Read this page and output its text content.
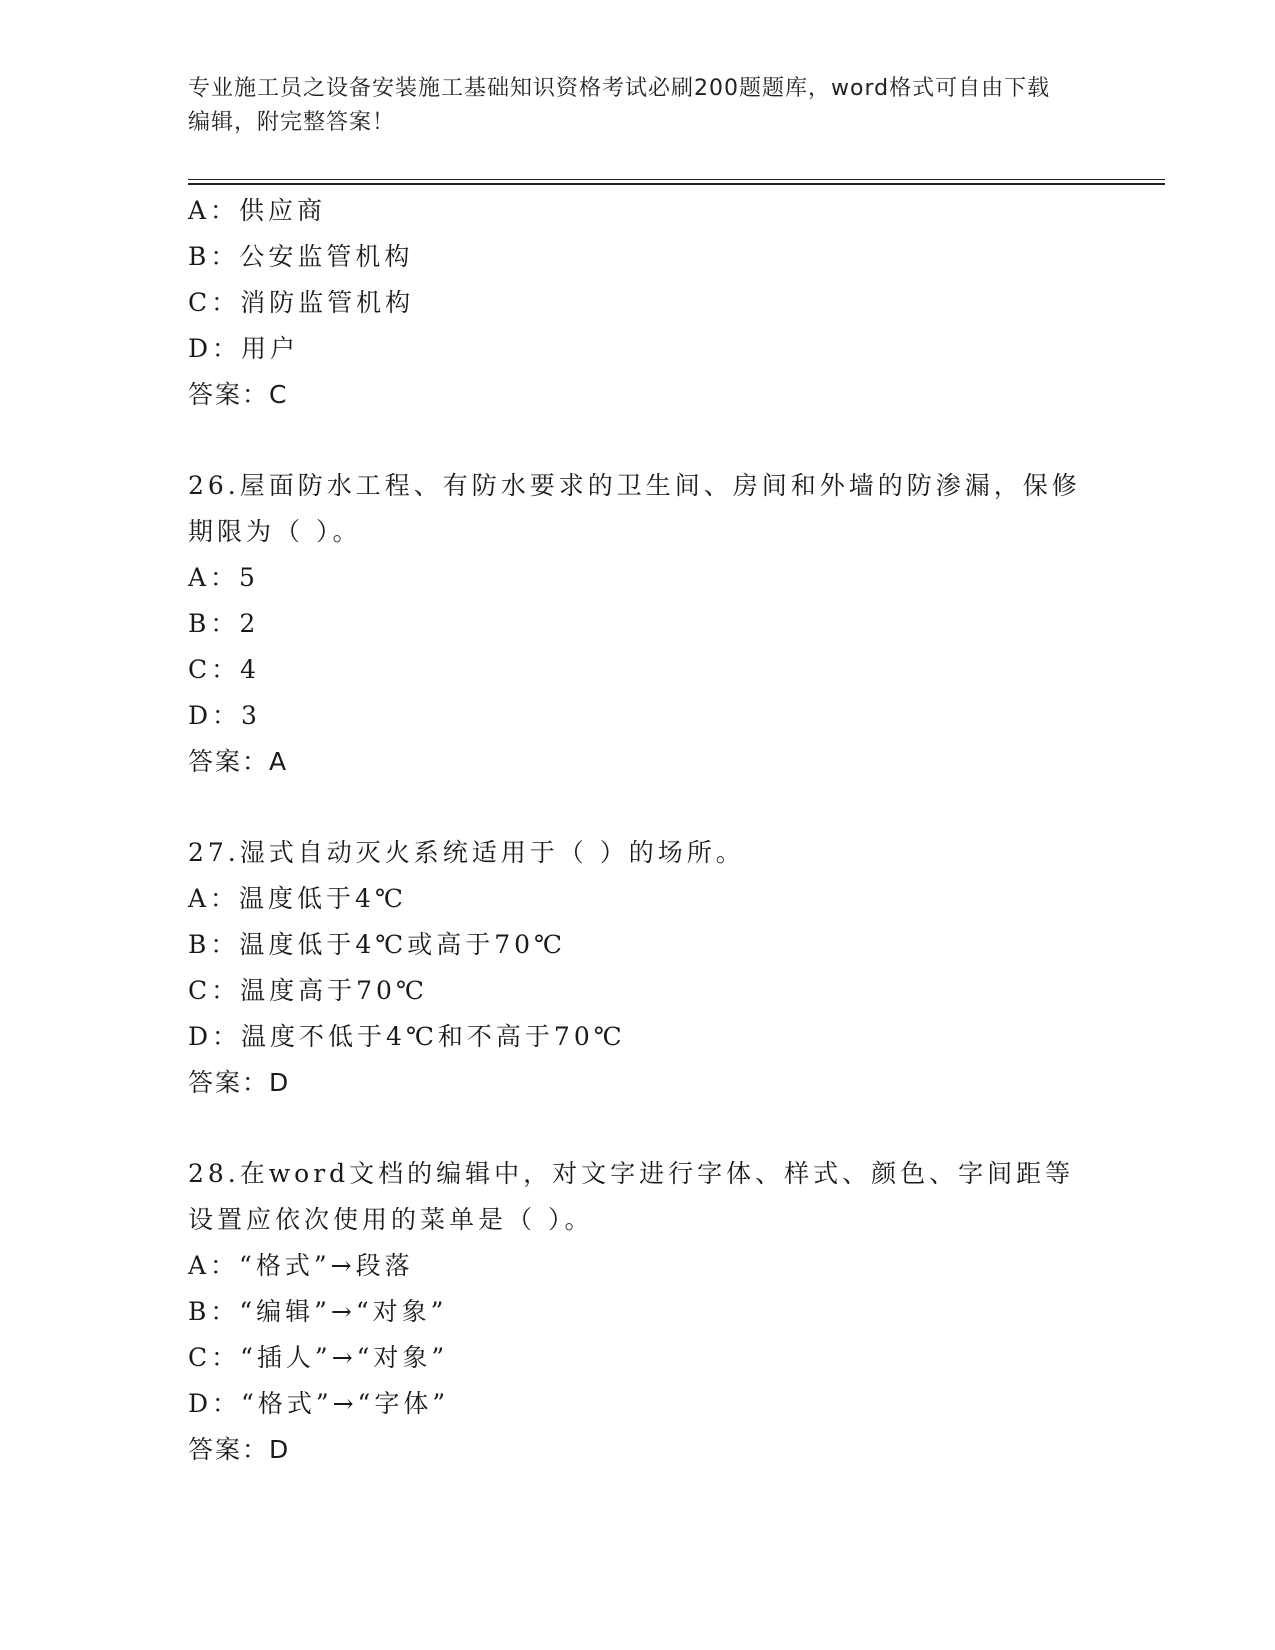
专业施工员之设备安装施工基础知识资格考试必刷200题题库，word格式可自由下载编辑，附完整答案！
A：供应商
B：公安监管机构
C：消防监管机构
D：用户
答案：C
26.屋面防水工程、有防水要求的卫生间、房间和外墙的防渗漏，保修期限为（ ）。
A：5
B：2
C：4
D：3
答案：A
27.湿式自动灭火系统适用于（ ）的场所。
A：温度低于4℃
B：温度低于4℃或高于70℃
C：温度高于70℃
D：温度不低于4℃和不高于70℃
答案：D
28.在word文档的编辑中，对文字进行字体、样式、颜色、字间距等设置应依次使用的菜单是（ ）。
A：“格式”→段落
B：“编辑”→“对象”
C：“插人”→“对象”
D：“格式”→“字体”
答案：D
